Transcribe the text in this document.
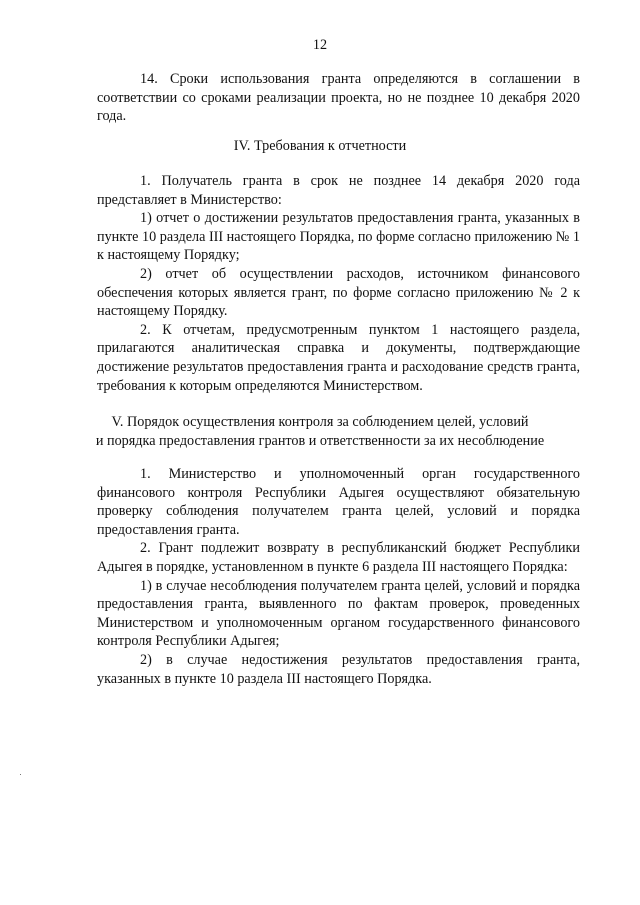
12

14. Сроки использования гранта определяются в соглашении в соответствии со сроками реализации проекта, но не позднее 10 декабря 2020 года.

IV. Требования к отчетности

1. Получатель гранта в срок не позднее 14 декабря 2020 года представляет в Министерство:

1) отчет о достижении результатов предоставления гранта, указанных в пункте 10 раздела III настоящего Порядка, по форме согласно приложению № 1 к настоящему Порядку;

2) отчет об осуществлении расходов, источником финансового обеспечения которых является грант, по форме согласно приложению № 2 к настоящему Порядку.

2. К отчетам, предусмотренным пунктом 1 настоящего раздела, прилагаются аналитическая справка и документы, подтверждающие достижение результатов предоставления гранта и расходование средств гранта, требования к которым определяются Министерством.

V. Порядок осуществления контроля за соблюдением целей, условий
и порядка предоставления грантов и ответственности за их несоблюдение

1. Министерство и уполномоченный орган государственного финансового контроля Республики Адыгея осуществляют обязательную проверку соблюдения получателем гранта целей, условий и порядка предоставления гранта.

2. Грант подлежит возврату в республиканский бюджет Республики Адыгея в порядке, установленном в пункте 6 раздела III настоящего Порядка:

1) в случае несоблюдения получателем гранта целей, условий и порядка предоставления гранта, выявленного по фактам проверок, проведенных Министерством и уполномоченным органом государственного финансового контроля Республики Адыгея;

2) в случае недостижения результатов предоставления гранта, указанных в пункте 10 раздела III настоящего Порядка.
